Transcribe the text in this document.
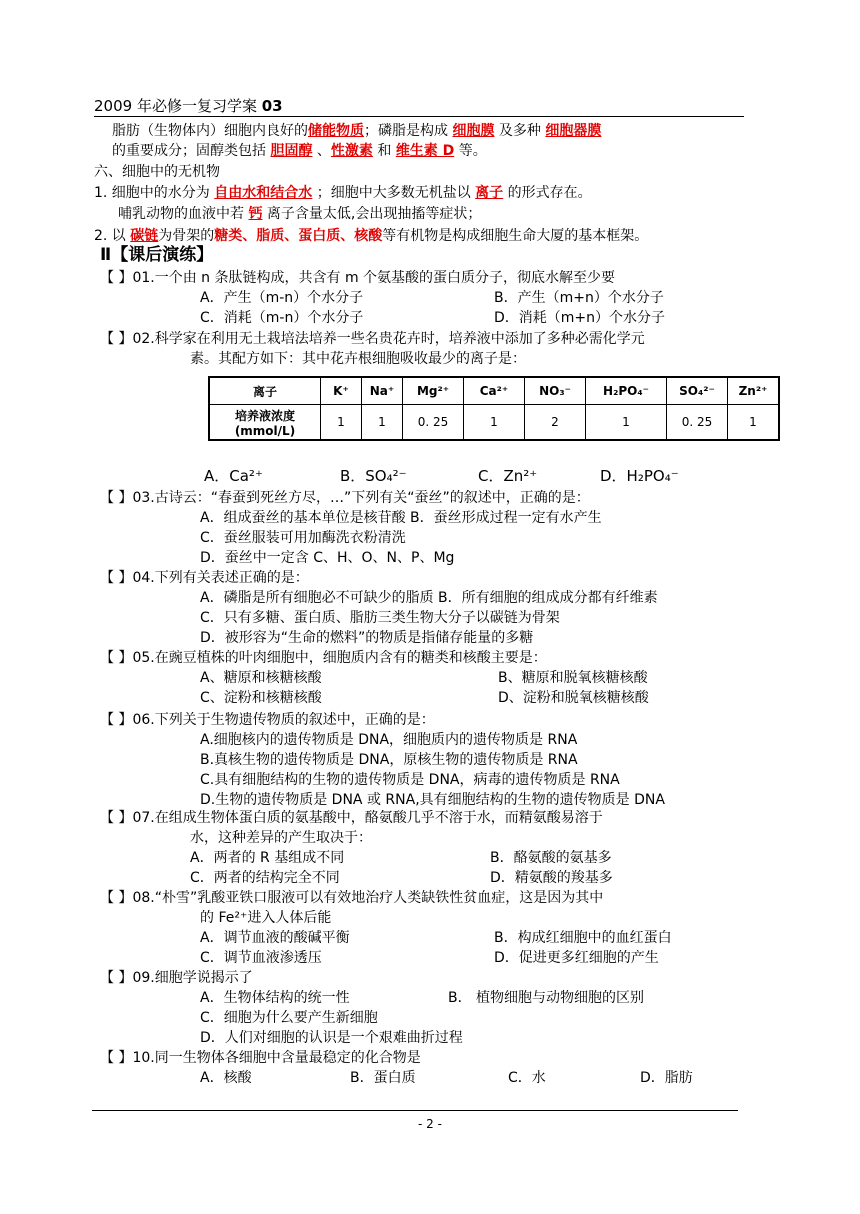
2009 年必修一复习学案 03
脂肪（生物体内）细胞内良好的储能物质；磷脂是构成 细胞膜 及多种 细胞器膜
的重要成分；固醇类包括 胆固醇 、性激素 和 维生素 D 等。
六、细胞中的无机物
1. 细胞中的水分为 自由水和结合水 ；细胞中大多数无机盐以 离子 的形式存在。
哺乳动物的血液中若 钙 离子含量太低,会出现抽搐等症状；
2. 以 碳链为骨架的糖类、脂质、蛋白质、核酸等有机物是构成细胞生命大厦的基本框架。
Ⅱ【课后演练】
【 】01.一个由 n 条肽链构成，共含有 m 个氨基酸的蛋白质分子，彻底水解至少要
A．产生（m-n）个水分子	B．产生（m+n）个水分子
C．消耗（m-n）个水分子	D．消耗（m+n）个水分子
【 】02.科学家在利用无土栽培法培养一些名贵花卉时，培养液中添加了多种必需化学元
素。其配方如下：其中花卉根细胞吸收最少的离子是：
离子	K⁺	Na⁺	Mg²⁺	Ca²⁺	NO₃⁻	H₂PO₄⁻	SO₄²⁻	Zn²⁺
培养液浓度(mmol/L)	1	1	0. 25	1	2	1	0. 25	1
A．Ca²⁺	B．SO₄²⁻	C．Zn²⁺	D．H₂PO₄⁻
【 】03.古诗云：“春蚕到死丝方尽，…”下列有关“蚕丝”的叙述中，正确的是：
A．组成蚕丝的基本单位是核苷酸 B．蚕丝形成过程一定有水产生
C．蚕丝服装可用加酶洗衣粉清洗
D．蚕丝中一定含 C、H、O、N、P、Mg
【 】04.下列有关表述正确的是：
A．磷脂是所有细胞必不可缺少的脂质 B．所有细胞的组成成分都有纤维素
C．只有多糖、蛋白质、脂肪三类生物大分子以碳链为骨架
D．被形容为“生命的燃料”的物质是指储存能量的多糖
【 】05.在豌豆植株的叶肉细胞中，细胞质内含有的糖类和核酸主要是：
A、糖原和核糖核酸	B、糖原和脱氧核糖核酸
C、淀粉和核糖核酸	D、淀粉和脱氧核糖核酸
【 】06.下列关于生物遗传物质的叙述中，正确的是：
A.细胞核内的遗传物质是 DNA，细胞质内的遗传物质是 RNA
B.真核生物的遗传物质是 DNA，原核生物的遗传物质是 RNA
C.具有细胞结构的生物的遗传物质是 DNA，病毒的遗传物质是 RNA
D.生物的遗传物质是 DNA 或 RNA,具有细胞结构的生物的遗传物质是 DNA
【 】07.在组成生物体蛋白质的氨基酸中，酪氨酸几乎不溶于水，而精氨酸易溶于
水，这种差异的产生取决于：
A．两者的 R 基组成不同	B．酪氨酸的氨基多
C．两者的结构完全不同	D．精氨酸的羧基多
【 】08.“朴雪”乳酸亚铁口服液可以有效地治疗人类缺铁性贫血症，这是因为其中
的 Fe²⁺进入人体后能
A．调节血液的酸碱平衡	B．构成红细胞中的血红蛋白
C．调节血液渗透压	D．促进更多红细胞的产生
【 】09.细胞学说揭示了
A．生物体结构的统一性	B． 植物细胞与动物细胞的区别
C．细胞为什么要产生新细胞
D．人们对细胞的认识是一个艰难曲折过程
【 】10.同一生物体各细胞中含量最稳定的化合物是
A．核酸	B．蛋白质	C．水	D．脂肪
- 2 -
